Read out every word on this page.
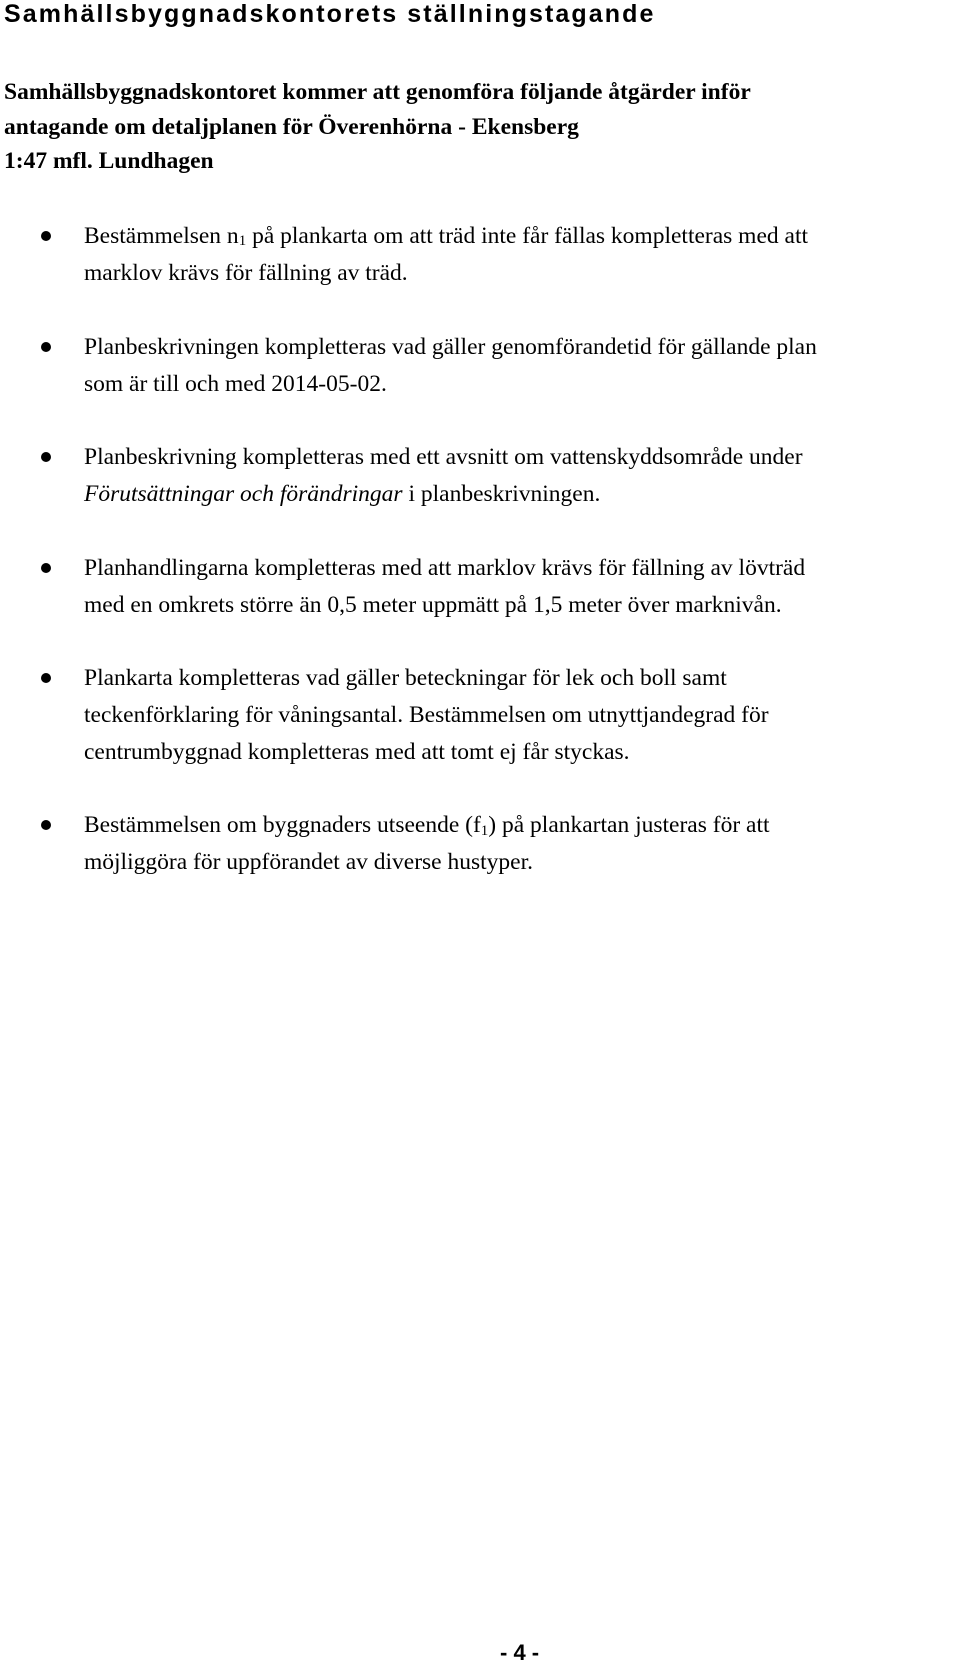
Samhällsbyggnadskontorets ställningstagande

Samhällsbyggnadskontoret kommer att genomföra följande åtgärder inför
antagande om detaljplanen för Överenhörna - Ekensberg
1:47 mfl. Lundhagen

Bestämmelsen $n_1$ på plankarta om att träd inte får fällas kompletteras med att
marklov krävs för fällning av träd.
Planbeskrivningen kompletteras vad gäller genomförandetid för gällande plan
som är till och med 2014-05-02.
Planbeskrivning kompletteras med ett avsnitt om vattenskyddsområde under
Förutsättningar och förändringar i planbeskrivningen.
Planhandlingarna kompletteras med att marklov krävs för fällning av lövträd
med en omkrets större än 0,5 meter uppmätt på 1,5 meter över marknivån.
Plankarta kompletteras vad gäller beteckningar för lek och boll samt
teckenförklaring för våningsantal. Bestämmelsen om utnyttjandegrad för
centrumbyggnad kompletteras med att tomt ej får styckas.
Bestämmelsen om byggnaders utseende $(f_1)$ på plankartan justeras för att
möjliggöra för uppförandet av diverse hustyper.
- 4 -
